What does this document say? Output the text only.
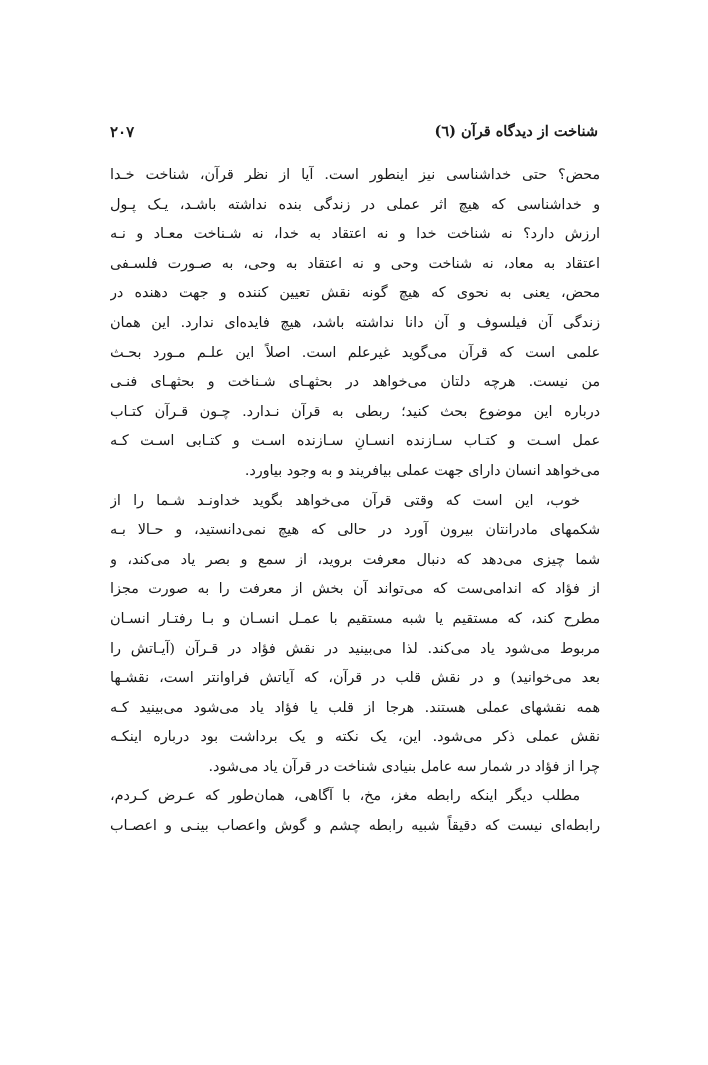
شناخت از دیدگاه قرآن (٦)
۲۰۷
محض؟ حتی خداشناسی نیز اینطور است. آیا از نظر قرآن، شناخت خـدا
و خداشناسی که هیچ اثر عملی در زندگی بنده نداشته باشـد، یـک پـول
ارزش دارد؟ نه شناخت خدا و نه اعتقاد به خدا، نه شـناخت معـاد و نـه
اعتقاد به معاد، نه شناخت وحی و نه اعتقاد به وحی، به صـورت فلسـفی
محض، یعنی به نحوی که هیچ گونه نقش تعیین کننده و جهت دهنده در
زندگی آن فیلسوف و آن دانا نداشته باشد، هیچ فایده‌ای ندارد. این همان
علمی است که قرآن می‌گوید غیرعلم است. اصلاً این علـم مـورد بحـث
من نیست. هرچه دلتان می‌خواهد در بحثهـای شـناخت و بحثهـای فنـی
درباره این موضوع بحث کنید؛ ربطی به قرآن نـدارد. چـون قـرآن کتـاب
عمل اسـت و کتـاب سـازنده انسـانِ سـازنده اسـت و کتـابی اسـت کـه
می‌خواهد انسان دارای جهت عملی بیافریند و به وجود بیاورد.
خوب، این است که وقتی قرآن می‌خواهد بگوید خداونـد شـما را از
شکمهای مادرانتان بیرون آورد در حالی که هیچ نمی‌دانستید، و حـالا بـه
شما چیزی می‌دهد که دنبال معرفت بروید، از سمع و بصر یاد می‌کند، و
از فؤاد که اندامی‌ست که می‌تواند آن بخش از معرفت را به صورت مجزا
مطرح کند، که مستقیم یا شبه مستقیم با عمـل انسـان و بـا رفتـار انسـان
مربوط می‌شود یاد می‌کند. لذا می‌بینید در نقش فؤاد در قـرآن (آیـاتش را
بعد می‌خوانید) و در نقش قلب در قرآن، که آیاتش فراوانتر است، نقشـها
همه نقشهای عملی هستند. هرجا از قلب یا فؤاد یاد می‌شود می‌بینید کـه
نقش عملی ذکر می‌شود. این، یک نکته و یک برداشت بود درباره اینکـه
چرا از فؤاد در شمار سه عامل بنیادی شناخت در قرآن یاد می‌شود.
مطلب دیگر اینکه رابطه مغز، مخ، با آگاهی، همان‌طور که عـرض کـردم،
رابطه‌ای نیست که دقیقاً شبیه رابطه چشم و گوش واعصاب بینـی و اعصـاب
